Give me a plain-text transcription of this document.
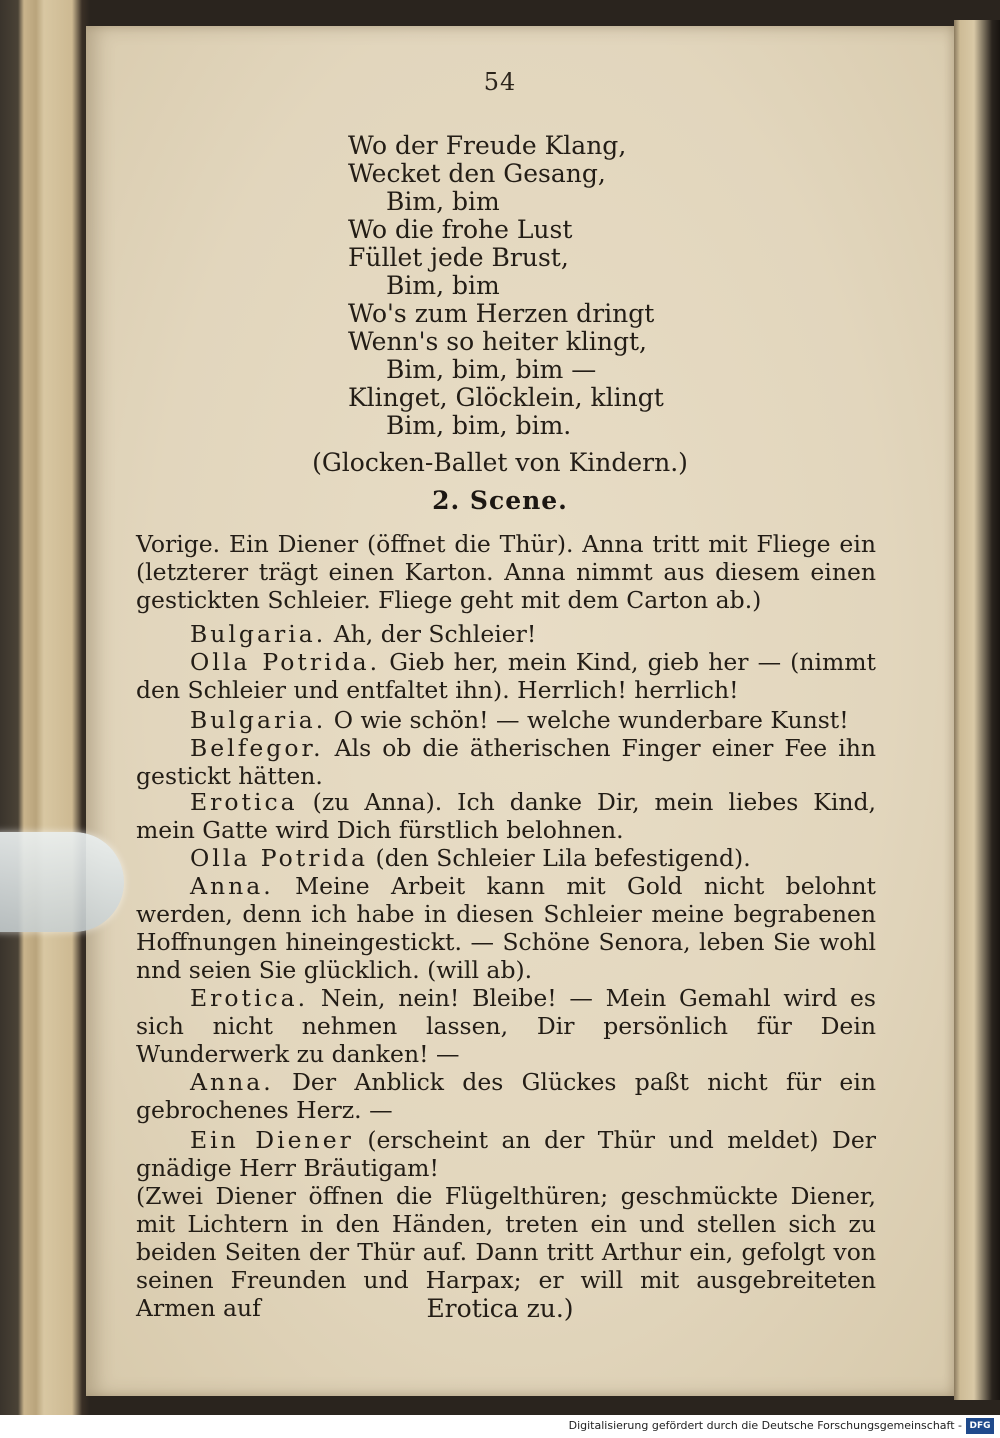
54
Wo der Freude Klang,
Wecket den Gesang,
Bim, bim
Wo die frohe Lust
Füllet jede Brust,
Bim, bim
Wo's zum Herzen dringt
Wenn's so heiter klingt,
Bim, bim, bim —
Klinget, Glöcklein, klingt
Bim, bim, bim.
(Glocken-Ballet von Kindern.)
2. Scene.
Vorige. Ein Diener (öffnet die Thür). Anna tritt mit Fliege ein (letzterer trägt einen Karton. Anna nimmt aus diesem einen gestickten Schleier. Fliege geht mit dem Carton ab.)
Bulgaria. Ah, der Schleier!
Olla Potrida. Gieb her, mein Kind, gieb her — (nimmt den Schleier und entfaltet ihn). Herrlich! herrlich!
Bulgaria. O wie schön! — welche wunderbare Kunst!
Belfegor. Als ob die ätherischen Finger einer Fee ihn gestickt hätten.
Erotica (zu Anna). Ich danke Dir, mein liebes Kind, mein Gatte wird Dich fürstlich belohnen.
Olla Potrida (den Schleier Lila befestigend).
Anna. Meine Arbeit kann mit Gold nicht belohnt werden, denn ich habe in diesen Schleier meine begrabenen Hoffnungen hineingestickt. — Schöne Senora, leben Sie wohl nnd seien Sie glücklich. (will ab).
Erotica. Nein, nein! Bleibe! — Mein Gemahl wird es sich nicht nehmen lassen, Dir persönlich für Dein Wunderwerk zu danken! —
Anna. Der Anblick des Glückes paßt nicht für ein gebrochenes Herz. —
Ein Diener (erscheint an der Thür und meldet) Der gnädige Herr Bräutigam!
(Zwei Diener öffnen die Flügelthüren; geschmückte Diener, mit Lichtern in den Händen, treten ein und stellen sich zu beiden Seiten der Thür auf. Dann tritt Arthur ein, gefolgt von seinen Freunden und Harpax; er will mit ausgebreiteten Armen auf	Erotica zu.)
Digitalisierung gefördert durch die Deutsche Forschungsgemeinschaft - DFG
